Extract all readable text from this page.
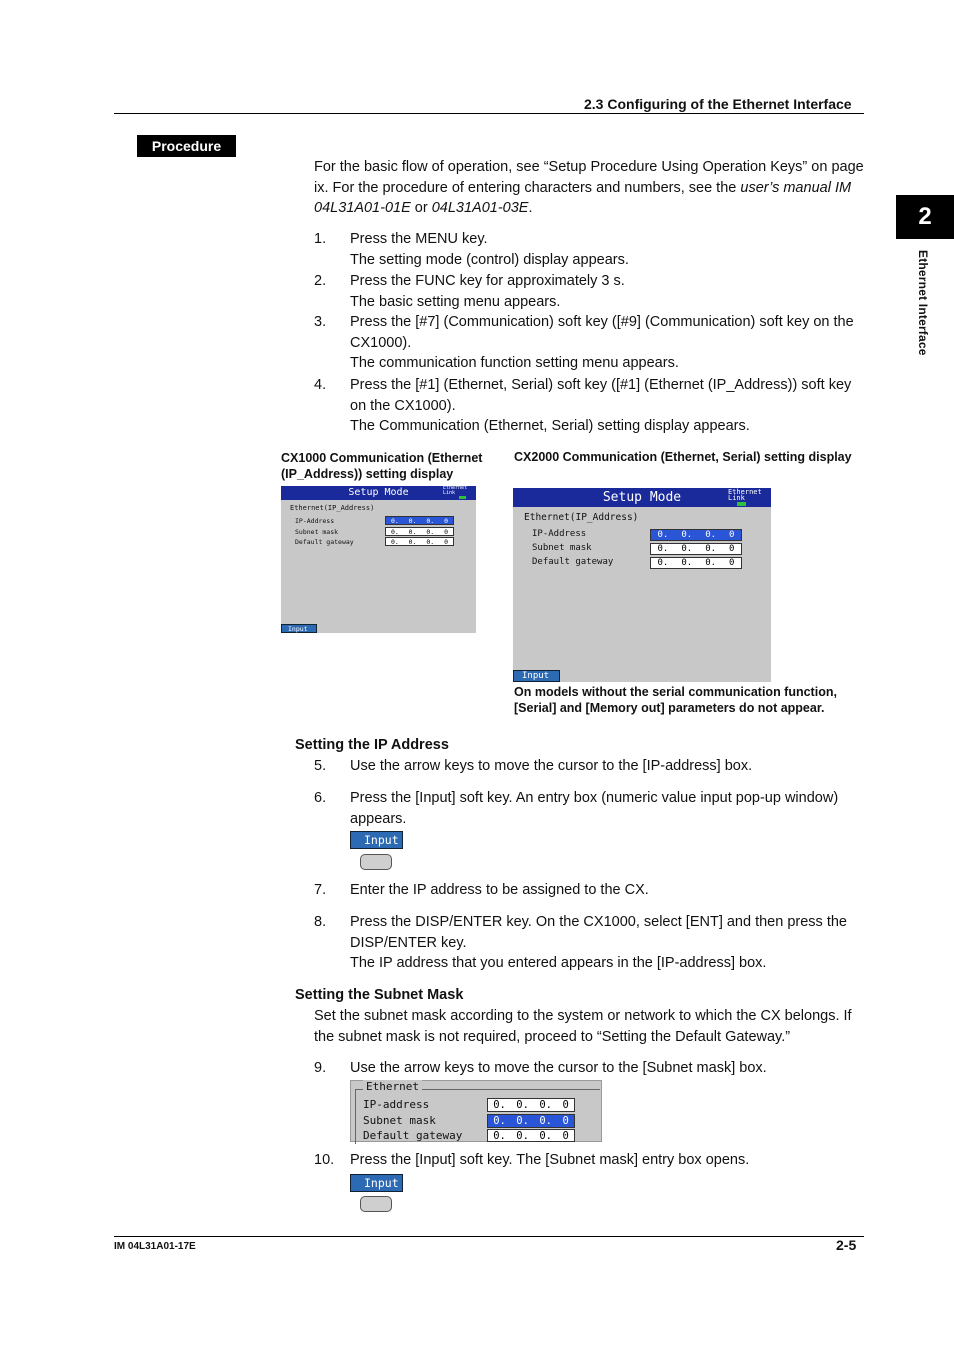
2.3 Configuring of the Ethernet Interface
Procedure
2
Ethernet Interface
For the basic flow of operation, see “Setup Procedure Using Operation Keys” on page
ix. For the procedure of entering characters and numbers, see the user’s manual IM
04L31A01-01E or 04L31A01-03E.
1. Press the MENU key.
The setting mode (control) display appears.
2. Press the FUNC key for approximately 3 s.
The basic setting menu appears.
3. Press the [#7] (Communication) soft key ([#9] (Communication) soft key on the
CX1000).
The communication function setting menu appears.
4. Press the [#1] (Ethernet, Serial) soft key ([#1] (Ethernet (IP_Address)) soft key
on the CX1000).
The Communication (Ethernet, Serial) setting display appears.
CX1000 Communication (Ethernet
(IP_Address)) setting display
CX2000 Communication (Ethernet, Serial) setting display
Setup Mode	Ethernet
Link
Ethernet(IP_Address)
IP-Address	0. 0. 0. 0
Subnet mask	0. 0. 0. 0
Default gateway	0. 0. 0. 0
Input
Setup Mode	Ethernet
Link
Ethernet(IP_Address)
IP-Address	0. 0. 0. 0
Subnet mask	0. 0. 0. 0
Default gateway	0. 0. 0. 0
Input
On models without the serial communication function,
[Serial] and [Memory out] parameters do not appear.
Setting the IP Address
5. Use the arrow keys to move the cursor to the [IP-address] box.
6. Press the [Input] soft key. An entry box (numeric value input pop-up window)
appears.
Input
7. Enter the IP address to be assigned to the CX.
8. Press the DISP/ENTER key. On the CX1000, select [ENT] and then press the
DISP/ENTER key.
The IP address that you entered appears in the [IP-address] box.
Setting the Subnet Mask
Set the subnet mask according to the system or network to which the CX belongs. If
the subnet mask is not required, proceed to “Setting the Default Gateway.”
9. Use the arrow keys to move the cursor to the [Subnet mask] box.
Ethernet
IP-address	0. 0. 0. 0
Subnet mask	0. 0. 0. 0
Default gateway	0. 0. 0. 0
10. Press the [Input] soft key. The [Subnet mask] entry box opens.
Input
IM 04L31A01-17E	2-5
